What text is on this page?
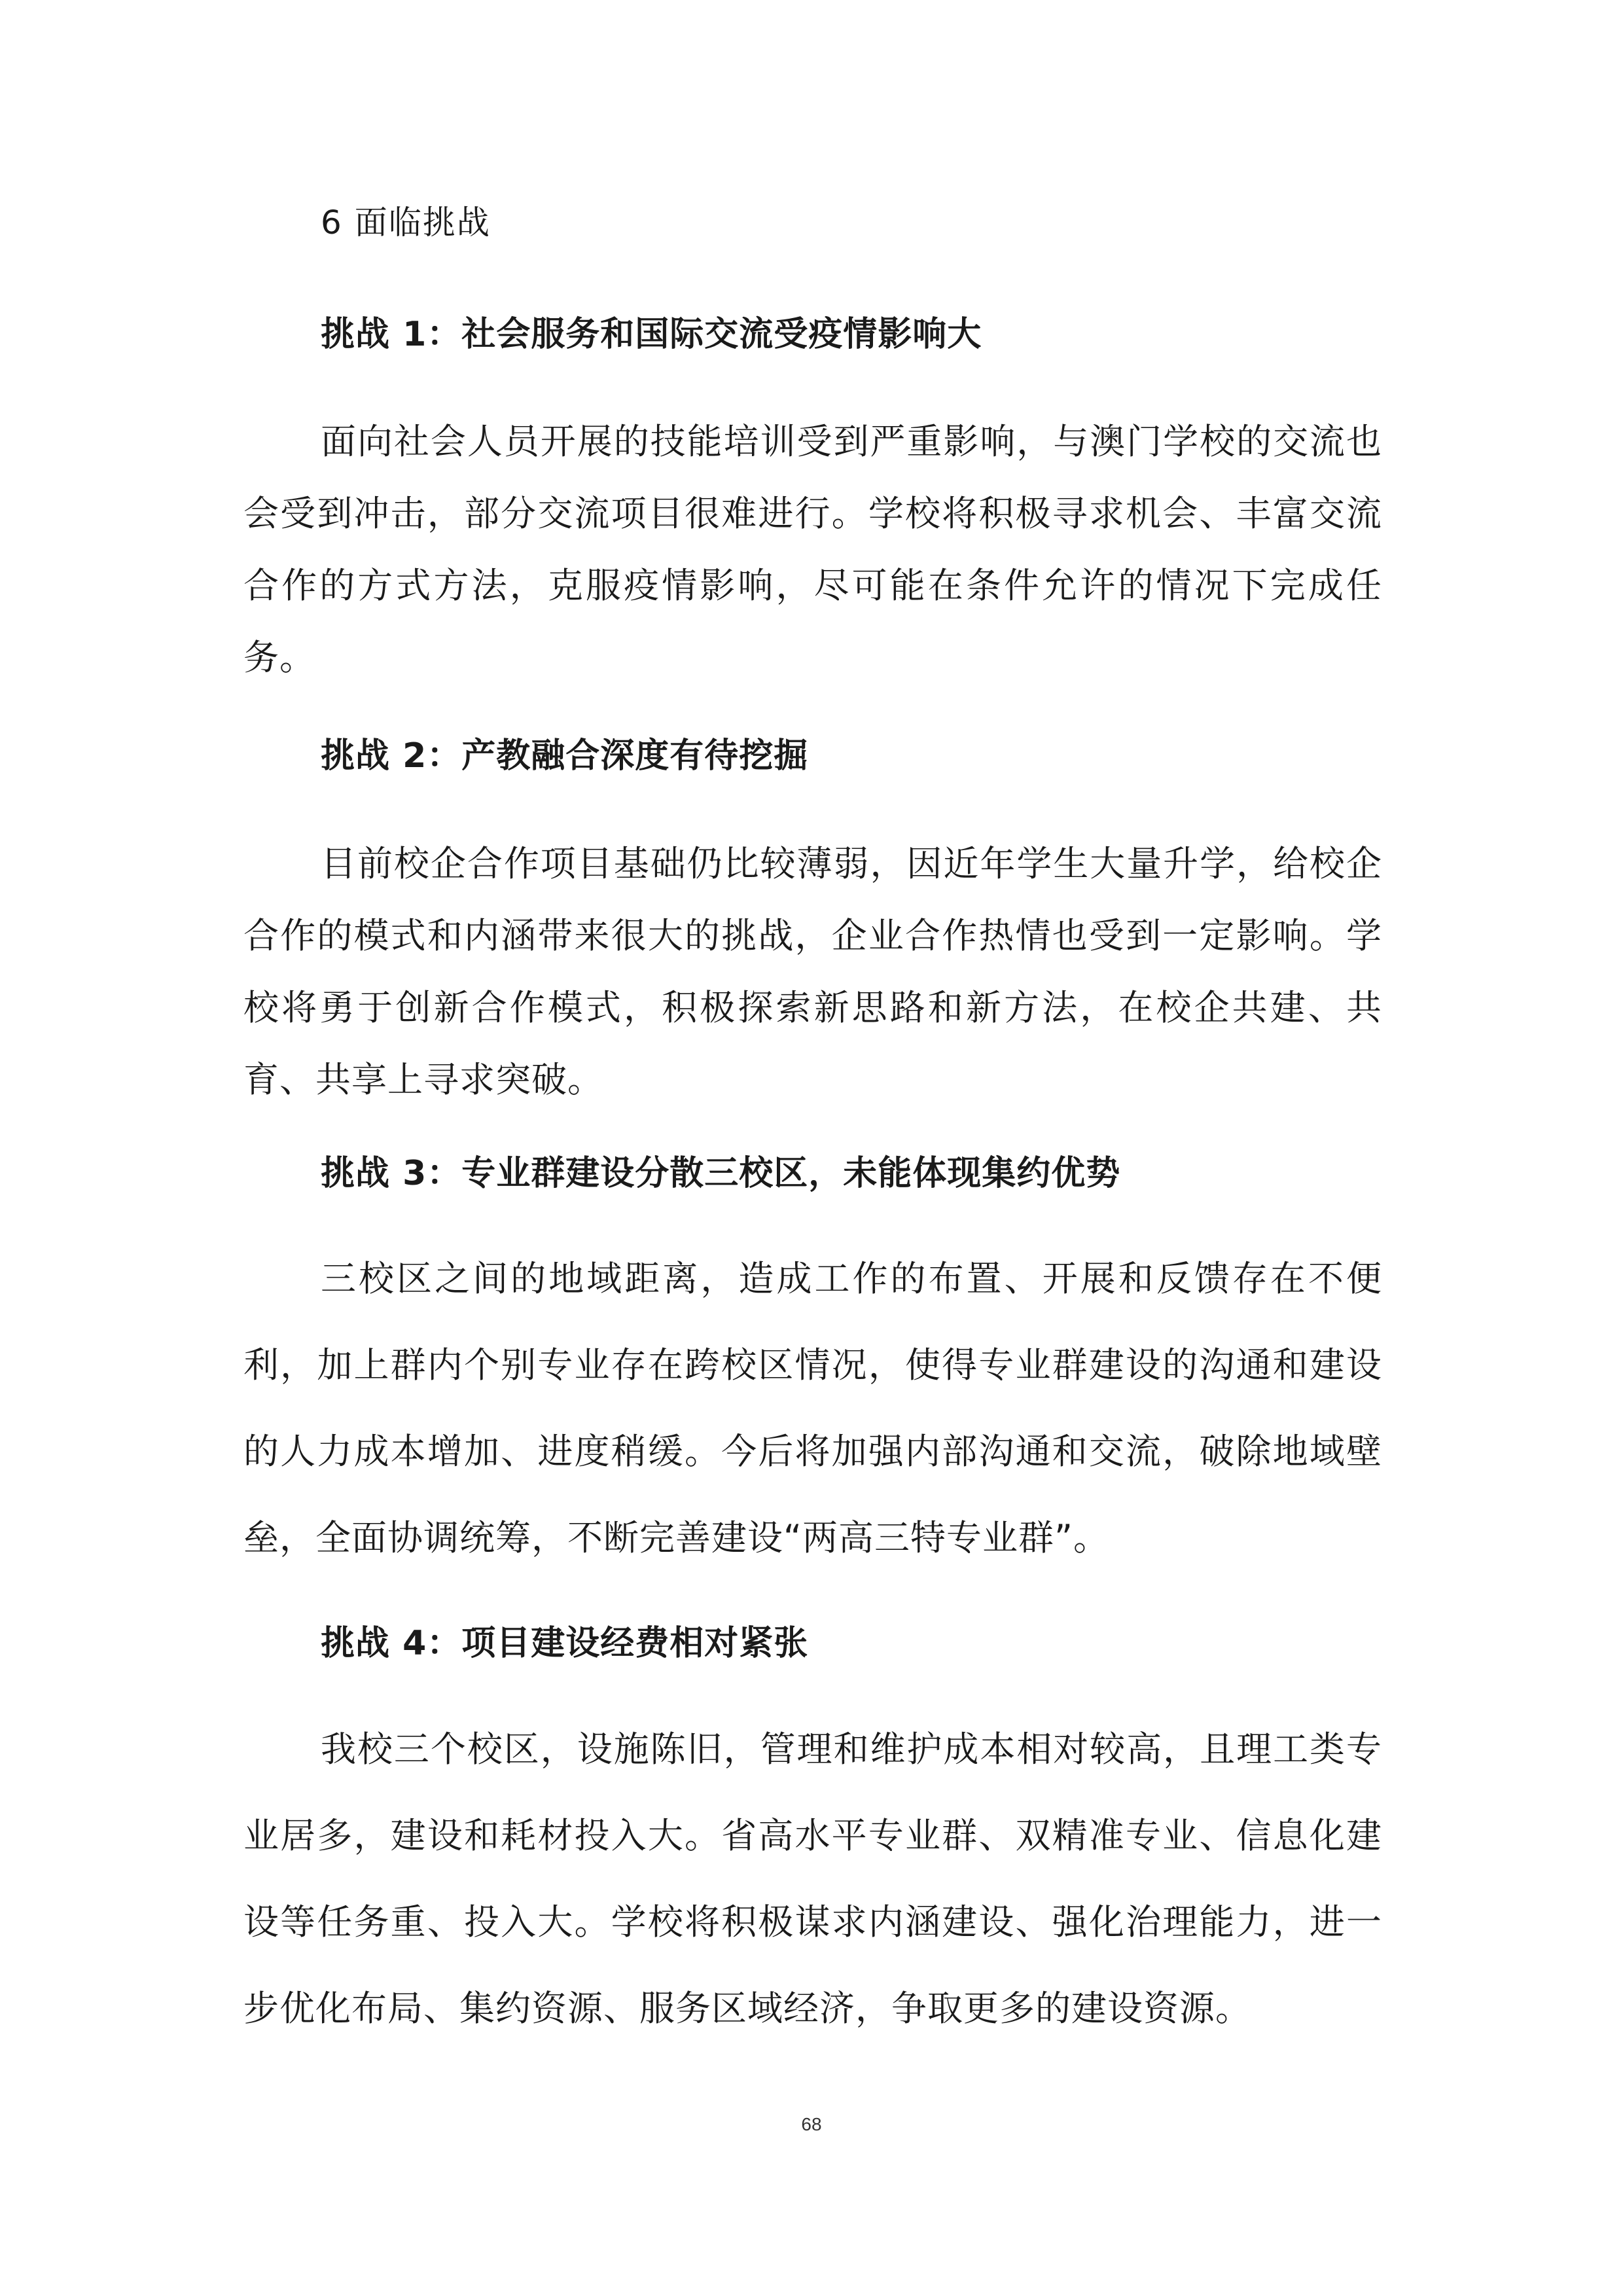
6 面临挑战
挑战 1：社会服务和国际交流受疫情影响大

面向社会人员开展的技能培训受到严重影响，与澳门学校的交流也会受到冲击，部分交流项目很难进行。学校将积极寻求机会、丰富交流合作的方式方法，克服疫情影响，尽可能在条件允许的情况下完成任务。

挑战 2：产教融合深度有待挖掘

目前校企合作项目基础仍比较薄弱，因近年学生大量升学，给校企合作的模式和内涵带来很大的挑战，企业合作热情也受到一定影响。学校将勇于创新合作模式，积极探索新思路和新方法，在校企共建、共育、共享上寻求突破。

挑战 3：专业群建设分散三校区，未能体现集约优势

三校区之间的地域距离，造成工作的布置、开展和反馈存在不便利，加上群内个别专业存在跨校区情况，使得专业群建设的沟通和建设的人力成本增加、进度稍缓。今后将加强内部沟通和交流，破除地域壁垒，全面协调统筹，不断完善建设“两高三特专业群”。

挑战 4：项目建设经费相对紧张

我校三个校区，设施陈旧，管理和维护成本相对较高，且理工类专业居多，建设和耗材投入大。省高水平专业群、双精准专业、信息化建设等任务重、投入大。学校将积极谋求内涵建设、强化治理能力，进一步优化布局、集约资源、服务区域经济，争取更多的建设资源。

68
